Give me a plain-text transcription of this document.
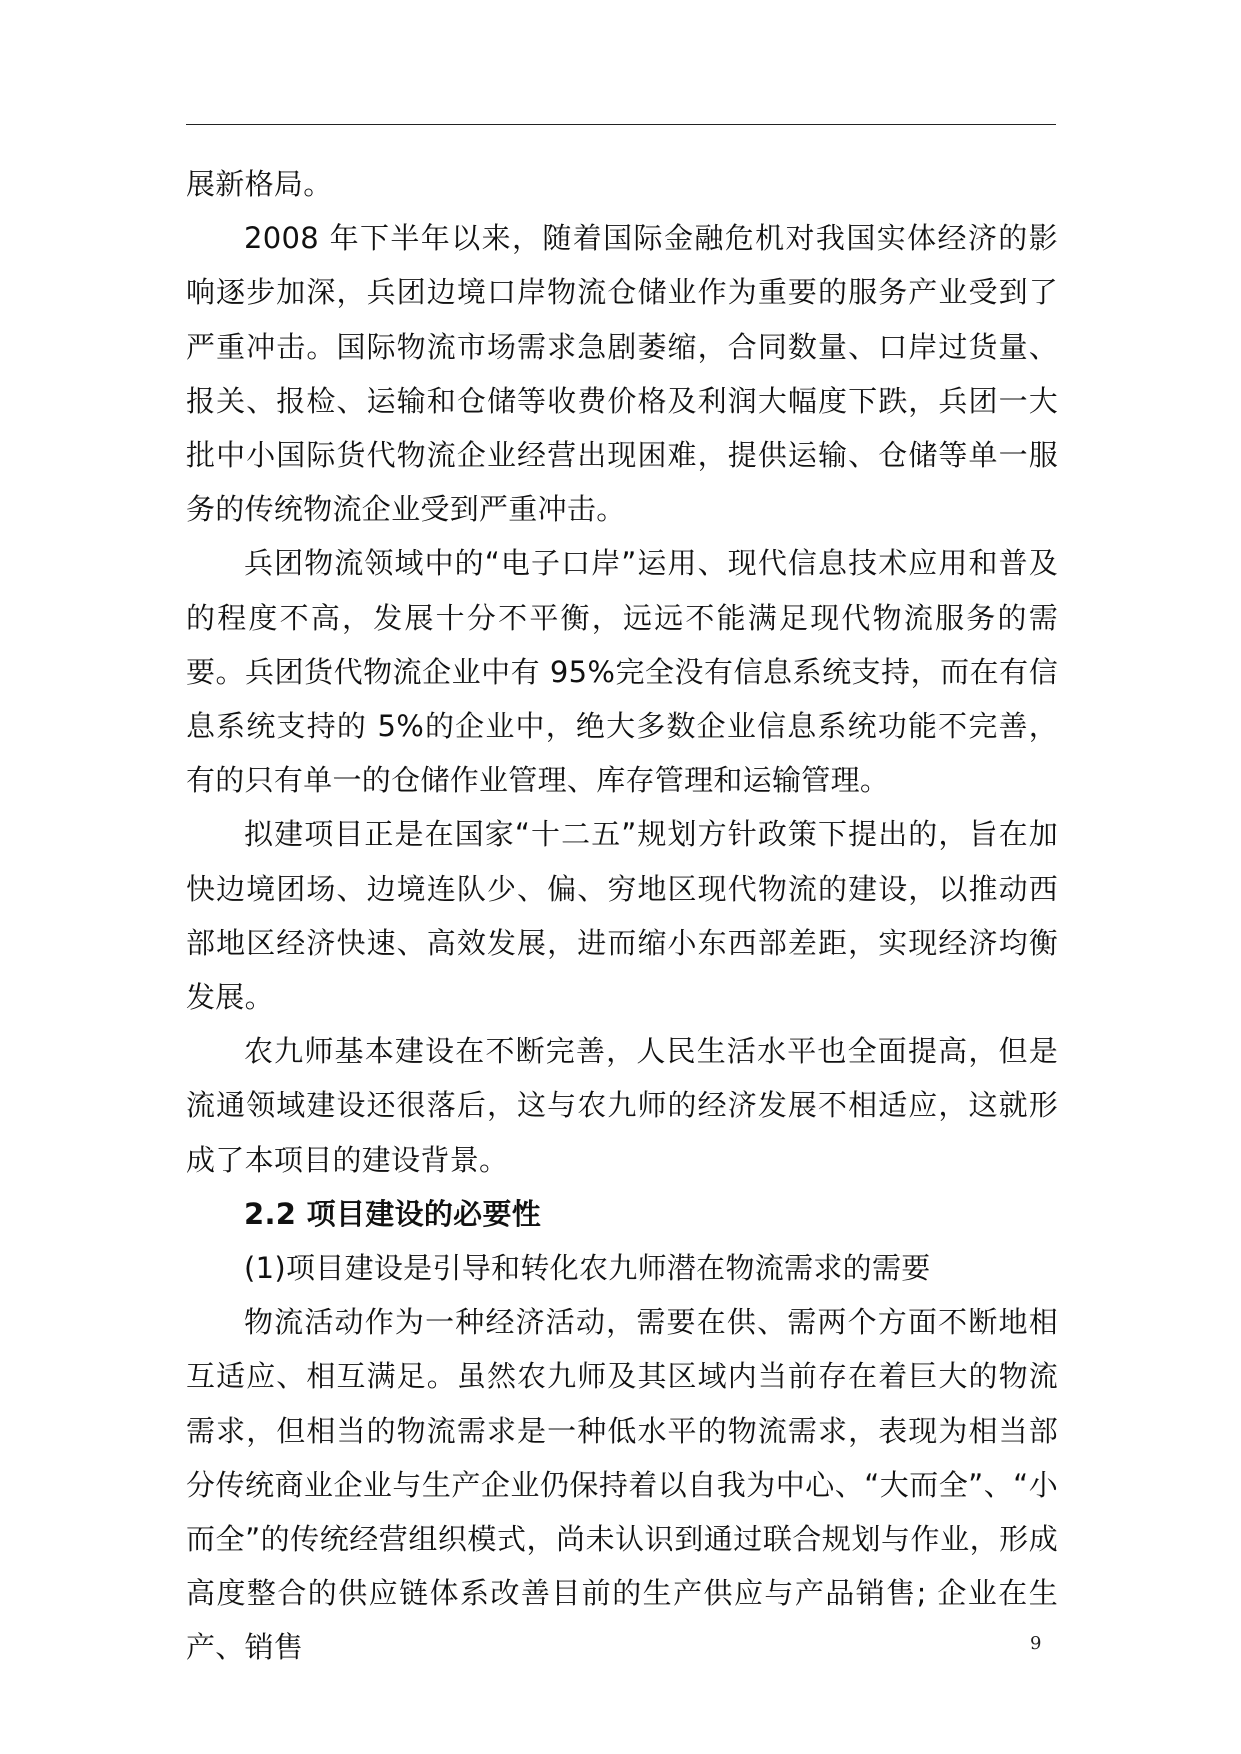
展新格局。

2008 年下半年以来，随着国际金融危机对我国实体经济的影响逐步加深，兵团边境口岸物流仓储业作为重要的服务产业受到了严重冲击。国际物流市场需求急剧萎缩，合同数量、口岸过货量、报关、报检、运输和仓储等收费价格及利润大幅度下跌，兵团一大批中小国际货代物流企业经营出现困难，提供运输、仓储等单一服务的传统物流企业受到严重冲击。

兵团物流领域中的“电子口岸”运用、现代信息技术应用和普及的程度不高，发展十分不平衡，远远不能满足现代物流服务的需要。兵团货代物流企业中有 95%完全没有信息系统支持，而在有信息系统支持的 5%的企业中，绝大多数企业信息系统功能不完善， 有的只有单一的仓储作业管理、库存管理和运输管理。

拟建项目正是在国家“十二五”规划方针政策下提出的，旨在加快边境团场、边境连队少、偏、穷地区现代物流的建设，以推动西部地区经济快速、高效发展，进而缩小东西部差距，实现经济均衡发展。

农九师基本建设在不断完善，人民生活水平也全面提高，但是流通领域建设还很落后，这与农九师的经济发展不相适应，这就形成了本项目的建设背景。

2.2 项目建设的必要性

(1)项目建设是引导和转化农九师潜在物流需求的需要

物流活动作为一种经济活动，需要在供、需两个方面不断地相互适应、相互满足。虽然农九师及其区域内当前存在着巨大的物流需求，但相当的物流需求是一种低水平的物流需求，表现为相当部分传统商业企业与生产企业仍保持着以自我为中心、“大而全”、“小而全”的传统经营组织模式，尚未认识到通过联合规划与作业，形成高度整合的供应链体系改善目前的生产供应与产品销售; 企业在生产、销售	9
